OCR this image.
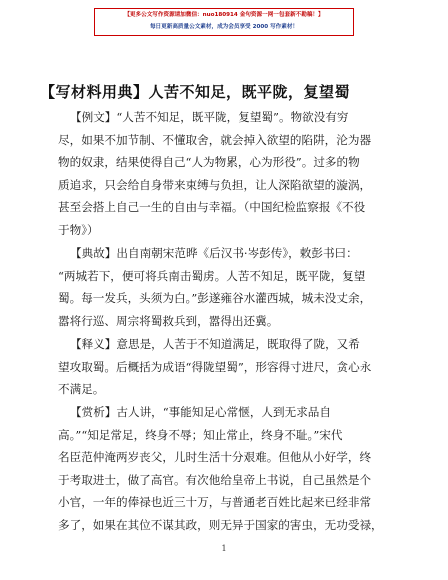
【更多公文写作资源请加微信：nuo180914 金句资源一网一包套新不勘稿！】
每日更新高质量公文素材，成为会员享受 2000 写作素材！
【写材料用典】人苦不知足，既平陇，复望蜀

【例文】“人苦不知足，既平陇，复望蜀”。物欲没有穷
尽，如果不加节制、不懂取舍，就会掉入欲望的陷阱，沦为器
物的奴隶，结果使得自己“人为物累，心为形役”。过多的物
质追求，只会给自身带来束缚与负担，让人深陷欲望的漩涡，
甚至会搭上自己一生的自由与幸福。（中国纪检监察报《不役
于物》）

【典故】出自南朝宋范晔《后汉书·岑彭传》，敕彭书曰：
“两城若下，便可将兵南击蜀虏。人苦不知足，既平陇，复望
蜀。每一发兵，头须为白。”彭遂雍谷水灌西城，城未没丈余，
嚣将行巡、周宗将蜀救兵到，嚣得出还冀。

【释义】意思是，人苦于不知道满足，既取得了陇，又希
望攻取蜀。后概括为成语“得陇望蜀”，形容得寸进尺，贪心永
不满足。

【赏析】古人讲，“事能知足心常惬，人到无求品自
高。”“知足常足，终身不辱；知止常止，终身不耻。”宋代
名臣范仲淹两岁丧父，儿时生活十分艰难。但他从小好学，终
于考取进士，做了高官。有次他给皇帝上书说，自己虽然是个
小官，一年的俸禄也近三十万，与普通老百姓比起来已经非常
多了，如果在其位不谋其政，则无异于国家的害虫，无功受禄，

1
